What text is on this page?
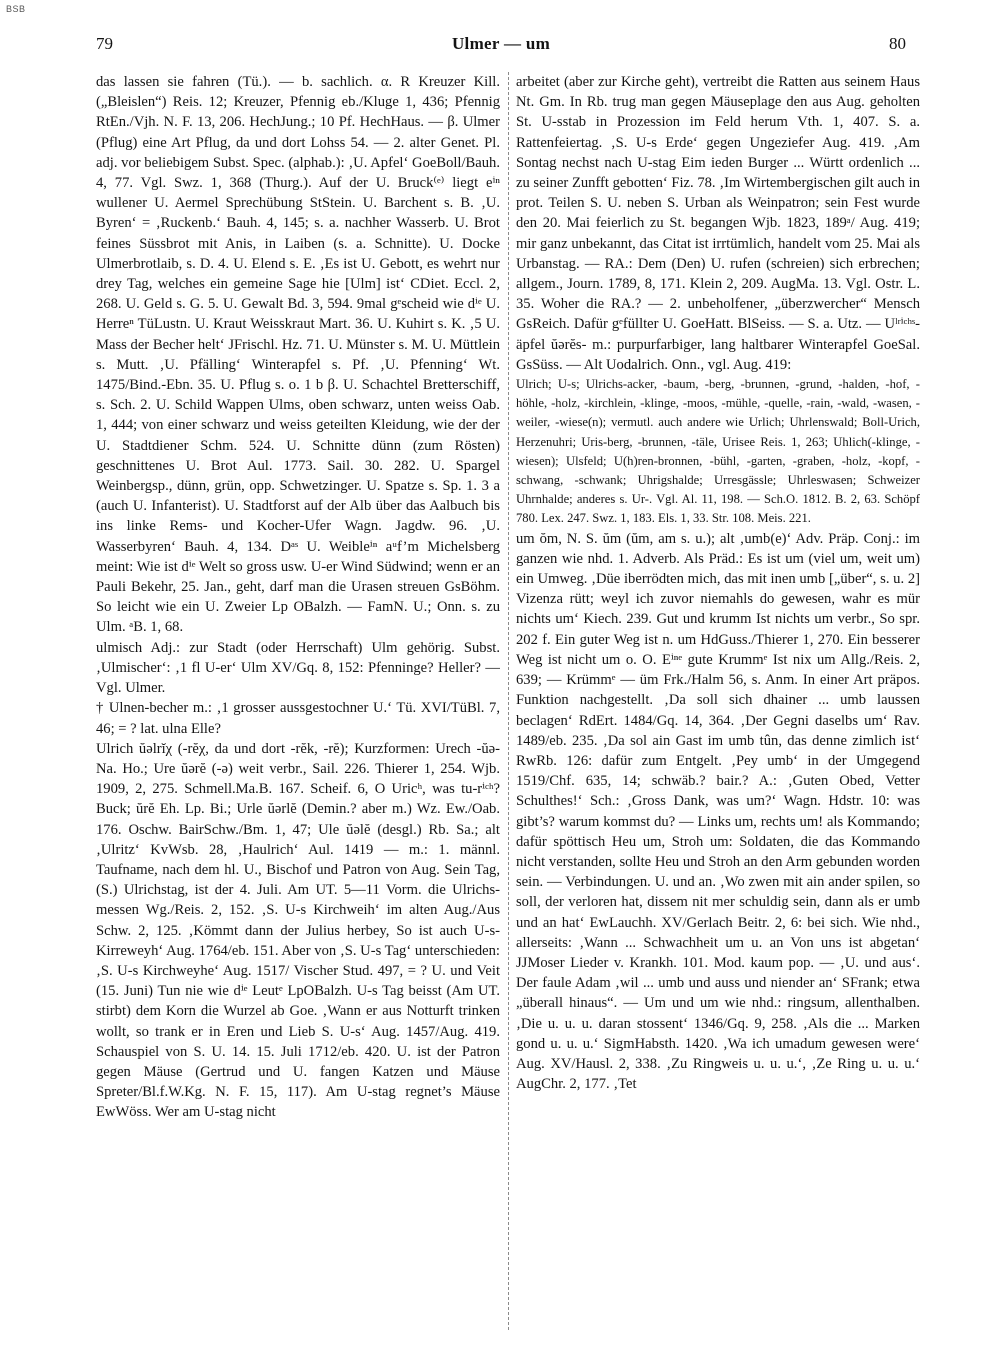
BSB
79	Ulmer — um	80

das lassen sie fahren (Tü.). — b. sachlich. α. R Kreuzer Kill. („Bleislen“) Reis. 12; Kreuzer, Pfennig eb./Kluge 1, 436; Pfennig RtEn./Vjh. N. F. 13, 206. HechJung.; 10 Pf. HechHaus. — β. Ulmer (Pflug) eine Art Pflug, da und dort Lohss 54. — 2. alter Genet. Pl. adj. vor beliebigem Subst. Spec. (alphab.): ‚U. Apfel‘ GoeBoll/Bauh. 4, 77. Vgl. Swz. 1, 368 (Thurg.). Auf der U. Bruck⁽ᵉ⁾ liegt eⁱⁿ wullener U. Aermel Sprechübung StStein. U. Barchent s. B. ‚U. Byren‘ = ‚Ruckenb.‘ Bauh. 4, 145; s. a. nachher Wasserb. U. Brot feines Süssbrot mit Anis, in Laiben (s. a. Schnitte). U. Docke Ulmerbrotlaib, s. D. 4. U. Elend s. E. ‚Es ist U. Gebott, es wehrt nur drey Tag, welches ein gemeine Sage hie [Ulm] ist‘ CDiet. Eccl. 2, 268. U. Geld s. G. 5. U. Gewalt Bd. 3, 594. 9mal gᵉscheid wie dⁱᵉ U. Herreⁿ TüLustn. U. Kraut Weisskraut Mart. 36. U. Kuhirt s. K. ‚5 U. Mass der Becher helt‘ JFrischl. Hz. 71. U. Münster s. M. U. Müttlein s. Mutt. ‚U. Pfälling‘ Winterapfel s. Pf. ‚U. Pfenning‘ Wt. 1475/Bind.-Ebn. 35. U. Pflug s. o. 1 b β. U. Schachtel Bretterschiff, s. Sch. 2. U. Schild Wappen Ulms, oben schwarz, unten weiss Oab. 1, 444; von einer schwarz und weiss geteilten Kleidung, wie der der U. Stadtdiener Schm. 524. U. Schnitte dünn (zum Rösten) geschnittenes U. Brot Aul. 1773. Sail. 30. 282. U. Spargel Weinbergsp., dünn, grün, opp. Schwetzinger. U. Spatze s. Sp. 1. 3 a (auch U. Infanterist). U. Stadtforst auf der Alb über das Aalbuch bis ins linke Rems- und Kocher-Ufer Wagn. Jagdw. 96. ‚U. Wasserbyren‘ Bauh. 4, 134. Dᵃˢ U. Weibleⁱⁿ aᵘf’m Michelsberg meint: Wie ist dⁱᵉ Welt so gross usw. U-er Wind Südwind; wenn er an Pauli Bekehr, 25. Jan., geht, darf man die Urasen streuen GsBöhm. So leicht wie ein U. Zweier Lp OBalzh. — FamN. U.; Onn. s. zu Ulm. ᵃB. 1, 68.

ulmisch Adj.: zur Stadt (oder Herrschaft) Ulm gehörig. Subst. ‚Ulmischer‘: ‚1 fl U-er‘ Ulm XV/Gq. 8, 152: Pfenninge? Heller? — Vgl. Ulmer.

† Ulnen-becher m.: ‚1 grosser aussgestochner U.‘ Tü. XVI/TüBl. 7, 46; = ? lat. ulna Elle?

Ulrich ŭəlrĭχ (-rĕχ, da und dort -rĕk, -rĕ); Kurzformen: Urech -ŭə- Na. Ho.; Ure ŭərĕ (-ə) weit verbr., Sail. 226. Thierer 1, 254. Wjb. 1909, 2, 275. Schmell.Ma.B. 167. Scheif. 6, O Uricʰ, was tu-rⁱᶜʰ? Buck; ŭrĕ Eh. Lp. Bi.; Urle ŭərlĕ (Demin.? aber m.) Wz. Ew./Oab. 176. Oschw. BairSchw./Bm. 1, 47; Ule ŭəlĕ (desgl.) Rb. Sa.; alt ‚Ulritz‘ KvWsb. 28, ‚Haulrich‘ Aul. 1419 — m.: 1. männl. Taufname, nach dem hl. U., Bischof und Patron von Aug. Sein Tag, (S.) Ulrichstag, ist der 4. Juli. Am UT. 5—11 Vorm. die Ulrichs-messen Wg./Reis. 2, 152. ‚S. U-s Kirchweih‘ im alten Aug./Aus Schw. 2, 125. ‚Kömmt dann der Julius herbey, So ist auch U-s-Kirreweyh‘ Aug. 1764/eb. 151. Aber von ‚S. U-s Tag‘ unterschieden: ‚S. U-s Kirchweyhe‘ Aug. 1517/ Vischer Stud. 497, = ? U. und Veit (15. Juni) Tun nie wie dⁱᵉ Leutᵉ LpOBalzh. U-s Tag beisst (Am UT. stirbt) dem Korn die Wurzel ab Goe. ‚Wann er aus Notturft trinken wollt, so trank er in Eren und Lieb S. U-s‘ Aug. 1457/Aug. 419. Schauspiel von S. U. 14. 15. Juli 1712/eb. 420. U. ist der Patron gegen Mäuse (Gertrud und U. fangen Katzen und Mäuse Spreter/Bl.f.W.Kg. N. F. 15, 117). Am U-stag regnet’s Mäuse EwWöss. Wer am U-stag nicht

arbeitet (aber zur Kirche geht), vertreibt die Ratten aus seinem Haus Nt. Gm. In Rb. trug man gegen Mäuseplage den aus Aug. geholten St. U-sstab in Prozession im Feld herum Vth. 1, 407. S. a. Rattenfeiertag. ‚S. U-s Erde‘ gegen Ungeziefer Aug. 419. ‚Am Sontag nechst nach U-stag Eim ieden Burger ... Württ ordenlich ... zu seiner Zunfft gebotten‘ Fiz. 78. ‚Im Wirtembergischen gilt auch in prot. Teilen S. U. neben S. Urban als Weinpatron; sein Fest wurde den 20. Mai feierlich zu St. begangen Wjb. 1823, 189ᵃ/ Aug. 419; mir ganz unbekannt, das Citat ist irrtümlich, handelt vom 25. Mai als Urbanstag. — RA.: Dem (Den) U. rufen (schreien) sich erbrechen; allgem., Journ. 1789, 8, 171. Klein 2, 209. AugMa. 13. Vgl. Ostr. L. 35. Woher die RA.? — 2. unbeholfener, „überzwercher“ Mensch GsReich. Dafür gᵉfüllter U. GoeHatt. BlSeiss. — S. a. Utz. — Uˡʳⁱᶜʰˢ-äpfel ŭərĕs- m.: purpurfarbiger, lang haltbarer Winterapfel GoeSal. GsSüss. — Alt Uodalrich. Onn., vgl. Aug. 419:

Ulrich; U-s; Ulrichs-acker, -baum, -berg, -brunnen, -grund, -halden, -hof, -höhle, -holz, -kirchlein, -klinge, -moos, -mühle, -quelle, -rain, -wald, -wasen, -weiler, -wiese(n); vermutl. auch andere wie Urlich; Uhrlenswald; Boll-Urich, Herzenuhri; Uris-berg, -brunnen, -täle, Urisee Reis. 1, 263; Uhlich(-klinge, -wiesen); Ulsfeld; U(h)ren-bronnen, -bühl, -garten, -graben, -holz, -kopf, -schwang, -schwank; Uhrigshalde; Urresgässle; Uhrleswasen; Schweizer Uhrnhalde; anderes s. Ur-. Vgl. Al. 11, 198. — Sch.O. 1812. B. 2, 63. Schöpf 780. Lex. 247. Swz. 1, 183. Els. 1, 33. Str. 108. Meis. 221.

um ŏm, N. S. ŭm (ŭm, am s. u.); alt ‚umb(e)‘ Adv. Präp. Conj.: im ganzen wie nhd. 1. Adverb. Als Präd.: Es ist um (viel um, weit um) ein Umweg. ‚Düe iberrödten mich, das mit inen umb [„über“, s. u. 2] Vizenza rütt; weyl ich zuvor niemahls do gewesen, wahr es mür nichts um‘ Kiech. 239. Gut und krumm Ist nichts um verbr., So spr. 202 f. Ein guter Weg ist n. um HdGuss./Thierer 1, 270. Ein besserer Weg ist nicht um o. O. Eⁱⁿᵉ gute Krummᵉ Ist nix um Allg./Reis. 2, 639; — Krümmᵉ — üm Frk./Halm 56, s. Anm. In einer Art präpos. Funktion nachgestellt. ‚Da soll sich dhainer ... umb laussen beclagen‘ RdErt. 1484/Gq. 14, 364. ‚Der Gegni daselbs um‘ Rav. 1489/eb. 235. ‚Da sol ain Gast im umb tûn, das denne zimlich ist‘ RwRb. 126: dafür zum Entgelt. ‚Pey umb‘ in der Umgegend 1519/Chf. 635, 14; schwäb.? bair.? A.: ‚Guten Obed, Vetter Schulthes!‘ Sch.: ‚Gross Dank, was um?‘ Wagn. Hdstr. 10: was gibt’s? warum kommst du? — Links um, rechts um! als Kommando; dafür spöttisch Heu um, Stroh um: Soldaten, die das Kommando nicht verstanden, sollte Heu und Stroh an den Arm gebunden worden sein. — Verbindungen. U. und an. ‚Wo zwen mit ain ander spilen, so soll, der verloren hat, dissem nit mer schuldig sein, dann als er umb und an hat‘ EwLauchh. XV/Gerlach Beitr. 2, 6: bei sich. Wie nhd., allerseits: ‚Wann ... Schwachheit um u. an Von uns ist abgetan‘ JJMoser Lieder v. Krankh. 101. Mod. kaum pop. — ‚U. und aus‘. Der faule Adam ‚wil ... umb und auss und niender an‘ SFrank; etwa „überall hinaus“. — Um und um wie nhd.: ringsum, allenthalben. ‚Die u. u. u. daran stossent‘ 1346/Gq. 9, 258. ‚Als die ... Marken gond u. u. u.‘ SigmHabsth. 1420. ‚Wa ich umadum gewesen were‘ Aug. XV/Hausl. 2, 338. ‚Zu Ringweis u. u. u.‘, ‚Ze Ring u. u. u.‘ AugChr. 2, 177. ‚Tet
